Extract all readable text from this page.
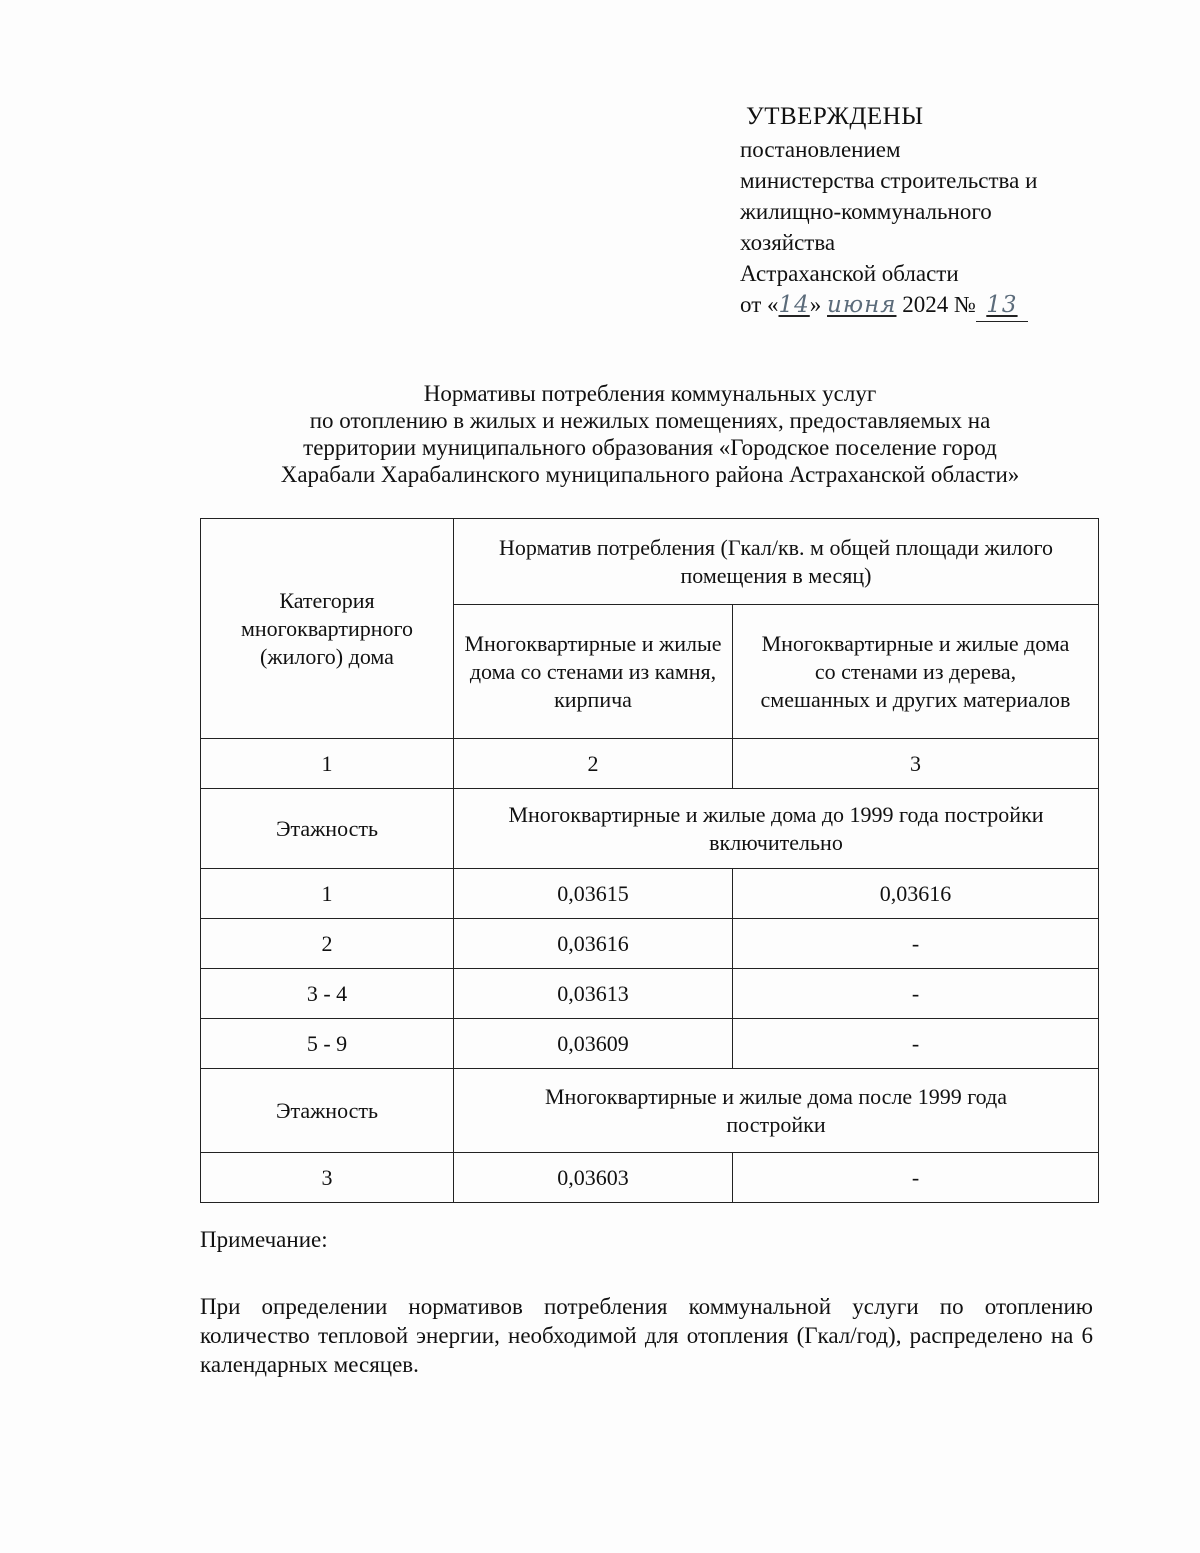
УТВЕРЖДЕНЫ
постановлением
министерства строительства и
жилищно-коммунального
хозяйства
Астраханской области
от «14» июня 2024 № 13
Нормативы потребления коммунальных услуг
по отоплению в жилых и нежилых помещениях, предоставляемых на
территории муниципального образования «Городское поселение город
Харабали Харабалинского муниципального района Астраханской области»
Категория многоквартирного (жилого) дома	Норматив потребления (Гкал/кв. м общей площади жилого помещения в месяц)	
	Многоквартирные и жилые дома со стенами из камня, кирпича	Многоквартирные и жилые дома со стенами из дерева, смешанных и других материалов
1	2	3
Этажность	Многоквартирные и жилые дома до 1999 года постройки включительно	
1	0,03615	0,03616
2	0,03616	-
3 - 4	0,03613	-
5 - 9	0,03609	-
Этажность	Многоквартирные и жилые дома после 1999 года постройки	
3	0,03603	-
Примечание:
При определении нормативов потребления коммунальной услуги по отоплению количество тепловой энергии, необходимой для отопления (Гкал/год), распределено на 6 календарных месяцев.
